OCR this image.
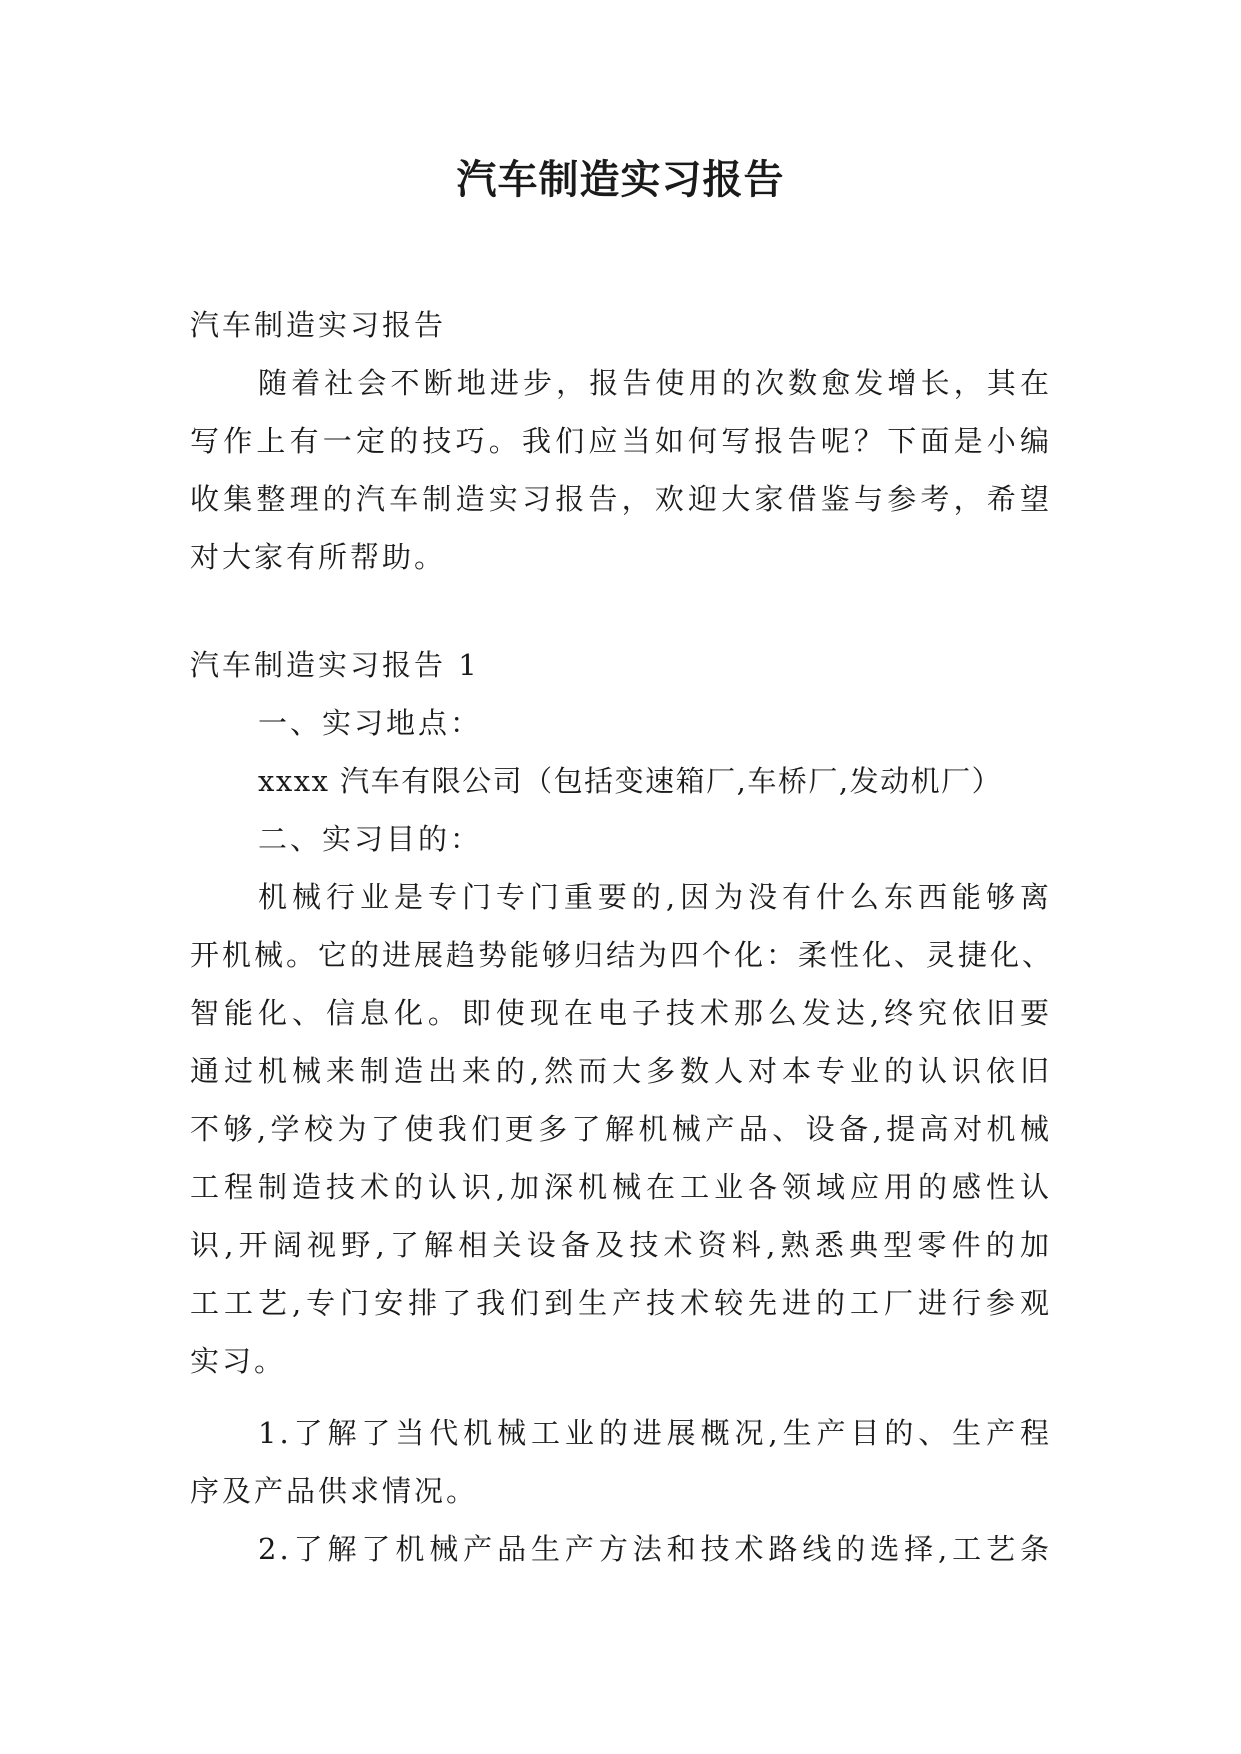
汽车制造实习报告

汽车制造实习报告

随着社会不断地进步，报告使用的次数愈发增长，其在
写作上有一定的技巧。我们应当如何写报告呢？下面是小编
收集整理的汽车制造实习报告，欢迎大家借鉴与参考，希望
对大家有所帮助。

汽车制造实习报告 1

一、实习地点：

xxxx 汽车有限公司（包括变速箱厂,车桥厂,发动机厂）

二、实习目的：

机械行业是专门专门重要的,因为没有什么东西能够离
开机械。它的进展趋势能够归结为四个化：柔性化、灵捷化、
智能化、信息化。即使现在电子技术那么发达,终究依旧要
通过机械来制造出来的,然而大多数人对本专业的认识依旧
不够,学校为了使我们更多了解机械产品、设备,提高对机械
工程制造技术的认识,加深机械在工业各领域应用的感性认
识,开阔视野,了解相关设备及技术资料,熟悉典型零件的加
工工艺,专门安排了我们到生产技术较先进的工厂进行参观
实习。
1.了解了当代机械工业的进展概况,生产目的、生产程
序及产品供求情况。
2.了解了机械产品生产方法和技术路线的选择,工艺条
